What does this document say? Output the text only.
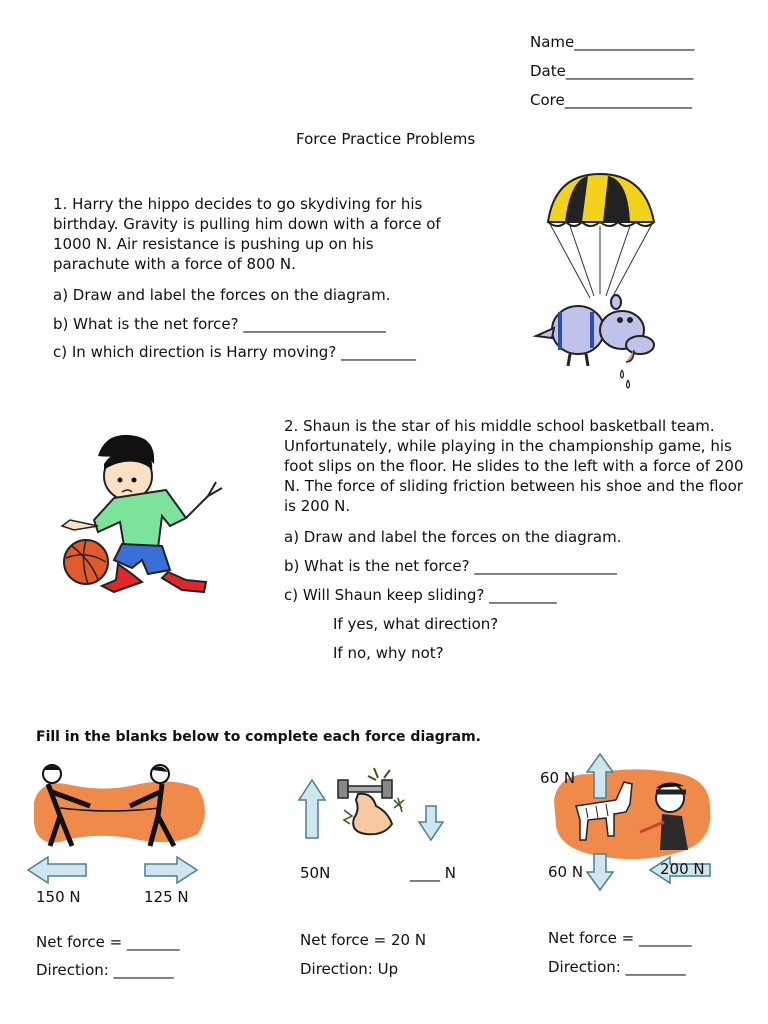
Name________________
Date_________________
Core_________________
Force Practice Problems
1. Harry the hippo decides to go skydiving for his birthday. Gravity is pulling him down with a force of 1000 N. Air resistance is pushing up on his parachute with a force of 800 N.
a) Draw and label the forces on the diagram.
b) What is the net force? ___________________
c) In which direction is Harry moving? __________
2. Shaun is the star of his middle school basketball team. Unfortunately, while playing in the championship game, his foot slips on the floor. He slides to the left with a force of 200 N. The force of sliding friction between his shoe and the floor is 200 N.
a) Draw and label the forces on the diagram.
b) What is the net force? ___________________
c) Will Shaun keep sliding? _________
If yes, what direction?
If no, why not?
Fill in the blanks below to complete each force diagram.
150 N	125 N
Net force = _______
Direction: ________
50N	____ N
Net force = 20 N
Direction: Up
60 N
60 N	200 N
Net force = _______
Direction: ________
